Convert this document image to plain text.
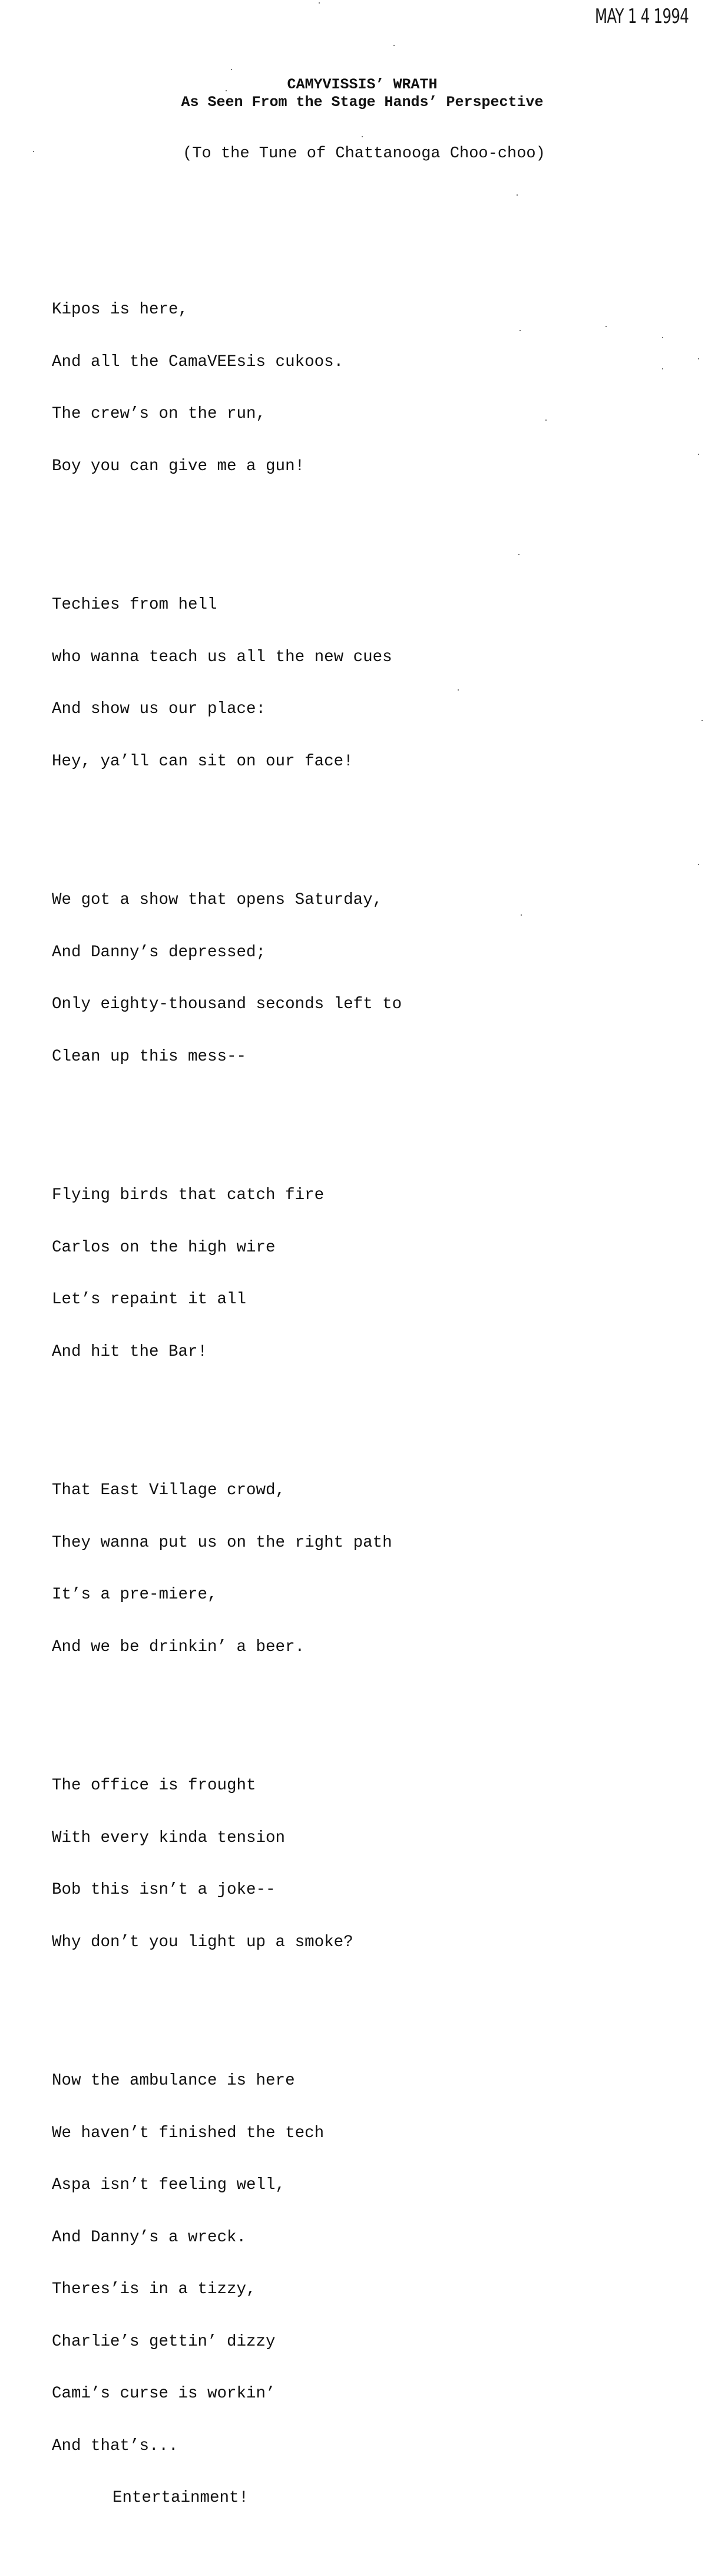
MAY 1 4 1994
CAMYVISSIS’ WRATH
As Seen From the Stage Hands’ Perspective
(To the Tune of Chattanooga Choo-choo)

Kipos is here,

And all the CamaVEEsis cukoos.

The crew’s on the run,

Boy you can give me a gun!

Techies from hell

who wanna teach us all the new cues

And show us our place:

Hey, ya’ll can sit on our face!

We got a show that opens Saturday,

And Danny’s depressed;

Only eighty-thousand seconds left to

Clean up this mess--

Flying birds that catch fire

Carlos on the high wire

Let’s repaint it all

And hit the Bar!

That East Village crowd,

They wanna put us on the right path

It’s a pre-miere,

And we be drinkin’ a beer.

The office is frought

With every kinda tension

Bob this isn’t a joke--

Why don’t you light up a smoke?

Now the ambulance is here

We haven’t finished the tech

Aspa isn’t feeling well,

And Danny’s a wreck.

Theres’is in a tizzy,

Charlie’s gettin’ dizzy

Cami’s curse is workin’

And that’s...

Entertainment!
